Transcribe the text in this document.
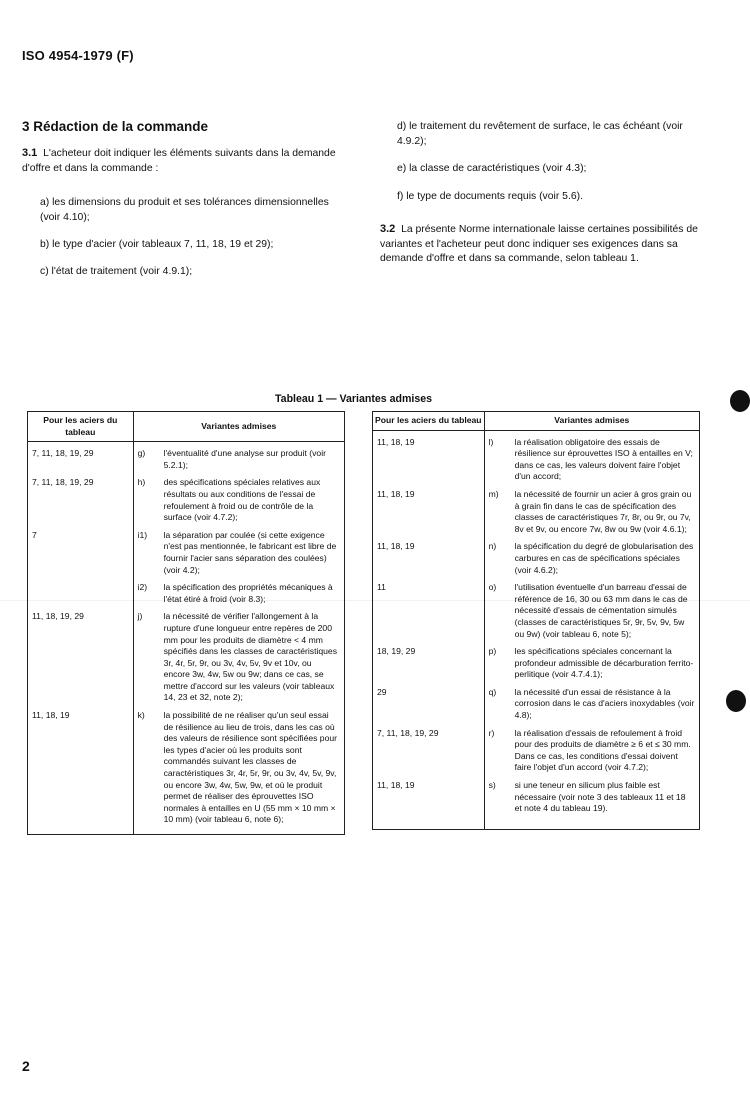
ISO 4954-1979 (F)
3 Rédaction de la commande
3.1 L'acheteur doit indiquer les éléments suivants dans la demande d'offre et dans la commande :
a) les dimensions du produit et ses tolérances dimensionnelles (voir 4.10);
b) le type d'acier (voir tableaux 7, 11, 18, 19 et 29);
c) l'état de traitement (voir 4.9.1);
d) le traitement du revêtement de surface, le cas échéant (voir 4.9.2);
e) la classe de caractéristiques (voir 4.3);
f) le type de documents requis (voir 5.6).
3.2 La présente Norme internationale laisse certaines possibilités de variantes et l'acheteur peut donc indiquer ses exigences dans sa demande d'offre et dans sa commande, selon tableau 1.
Tableau 1 — Variantes admises
Pour les aciers du tableau	Variantes admises

7, 11, 18, 19, 29	g) l'éventualité d'une analyse sur produit (voir 5.2.1);

7, 11, 18, 19, 29	h) des spécifications spéciales relatives aux résultats ou aux conditions de l'essai de refoulement à froid ou de contrôle de la surface (voir 4.7.2);

7	i1) la séparation par coulée (si cette exigence n'est pas mentionnée, le fabricant est libre de fournir l'acier sans séparation des coulées) (voir 4.2);

	i2) la spécification des propriétés mécaniques à l'état étiré à froid (voir 8.3);

11, 18, 19, 29	j) la nécessité de vérifier l'allongement à la rupture d'une longueur entre repères de 200 mm pour les produits de diamètre < 4 mm spécifiés dans les classes de caractéristiques 3r, 4r, 5r, 9r, ou 3v, 4v, 5v, 9v et 10v, ou encore 3w, 4w, 5w ou 9w; dans ce cas, se mettre d'accord sur les valeurs (voir tableaux 14, 23 et 32, note 2);

11, 18, 19	k) la possibilité de ne réaliser qu'un seul essai de résilience au lieu de trois, dans les cas où des valeurs de résilience sont spécifiées pour les types d'acier où les produits sont commandés suivant les classes de caractéristiques 3r, 4r, 5r, 9r, ou 3v, 4v, 5v, 9v, ou encore 3w, 4w, 5w, 9w, et où le produit permet de réaliser des éprouvettes ISO normales à entailles en U (55 mm × 10 mm × 10 mm) (voir tableau 6, note 6);

Pour les aciers du tableau	Variantes admises

11, 18, 19	l) la réalisation obligatoire des essais de résilience sur éprouvettes ISO à entailles en V; dans ce cas, les valeurs doivent faire l'objet d'un accord;

11, 18, 19	m) la nécessité de fournir un acier à gros grain ou à grain fin dans le cas de spécification des classes de caractéristiques 7r, 8r, ou 9r, ou 7v, 8v et 9v, ou encore 7w, 8w ou 9w (voir 4.6.1);

11, 18, 19	n) la spécification du degré de globularisation des carbures en cas de spécifications spéciales (voir 4.6.2);

11	o) l'utilisation éventuelle d'un barreau d'essai de référence de 16, 30 ou 63 mm dans le cas de nécessité d'essais de cémentation simulés (classes de caractéristiques 5r, 9r, 5v, 9v, 5w ou 9w) (voir tableau 6, note 5);

18, 19, 29	p) les spécifications spéciales concernant la profondeur admissible de décarburation ferrito-perlitique (voir 4.7.4.1);

29	q) la nécessité d'un essai de résistance à la corrosion dans le cas d'aciers inoxydables (voir 4.8);

7, 11, 18, 19, 29	r) la réalisation d'essais de refoulement à froid pour des produits de diamètre ≥ 6 et ≤ 30 mm. Dans ce cas, les conditions d'essai doivent faire l'objet d'un accord (voir 4.7.2);

11, 18, 19	s) si une teneur en silicum plus faible est nécessaire (voir note 3 des tableaux 11 et 18 et note 4 du tableau 19).

2
